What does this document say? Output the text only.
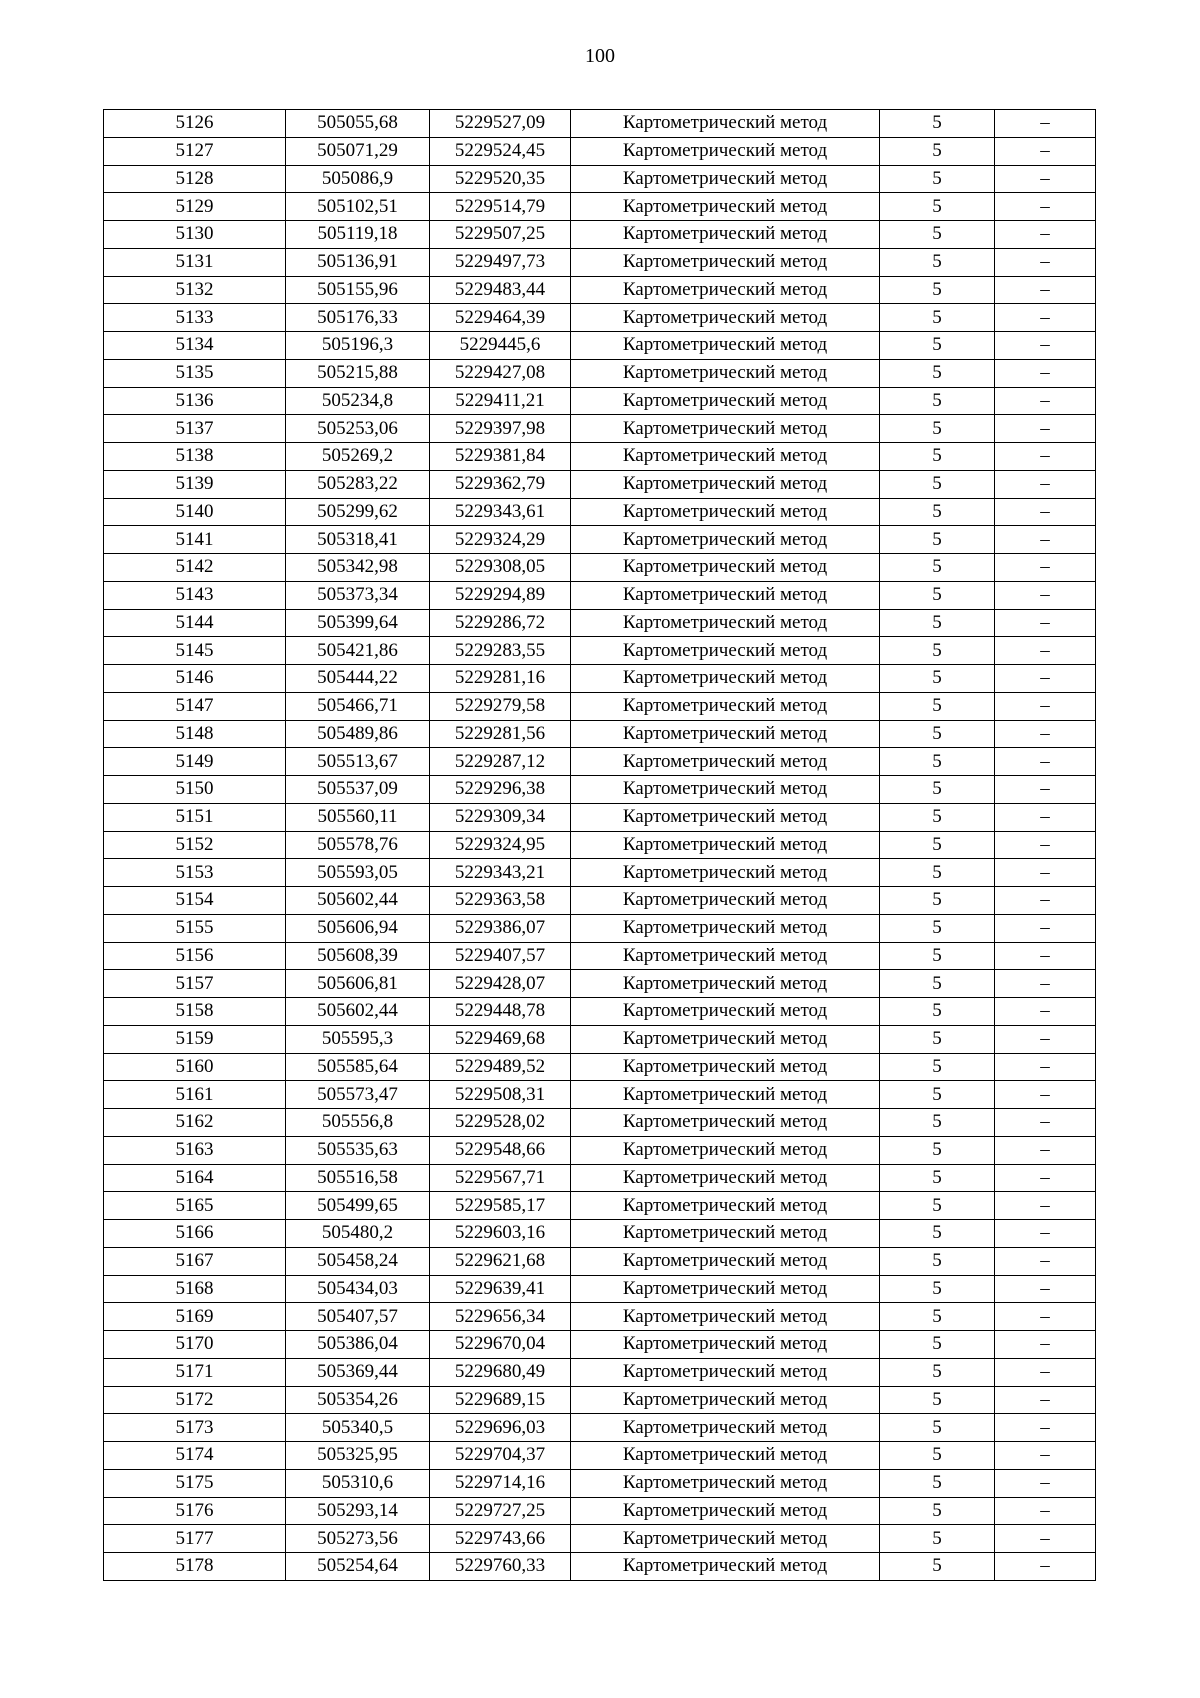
100
5126	505055,68	5229527,09	Картометрический метод	5	–
5127	505071,29	5229524,45	Картометрический метод	5	–
5128	505086,9	5229520,35	Картометрический метод	5	–
5129	505102,51	5229514,79	Картометрический метод	5	–
5130	505119,18	5229507,25	Картометрический метод	5	–
5131	505136,91	5229497,73	Картометрический метод	5	–
5132	505155,96	5229483,44	Картометрический метод	5	–
5133	505176,33	5229464,39	Картометрический метод	5	–
5134	505196,3	5229445,6	Картометрический метод	5	–
5135	505215,88	5229427,08	Картометрический метод	5	–
5136	505234,8	5229411,21	Картометрический метод	5	–
5137	505253,06	5229397,98	Картометрический метод	5	–
5138	505269,2	5229381,84	Картометрический метод	5	–
5139	505283,22	5229362,79	Картометрический метод	5	–
5140	505299,62	5229343,61	Картометрический метод	5	–
5141	505318,41	5229324,29	Картометрический метод	5	–
5142	505342,98	5229308,05	Картометрический метод	5	–
5143	505373,34	5229294,89	Картометрический метод	5	–
5144	505399,64	5229286,72	Картометрический метод	5	–
5145	505421,86	5229283,55	Картометрический метод	5	–
5146	505444,22	5229281,16	Картометрический метод	5	–
5147	505466,71	5229279,58	Картометрический метод	5	–
5148	505489,86	5229281,56	Картометрический метод	5	–
5149	505513,67	5229287,12	Картометрический метод	5	–
5150	505537,09	5229296,38	Картометрический метод	5	–
5151	505560,11	5229309,34	Картометрический метод	5	–
5152	505578,76	5229324,95	Картометрический метод	5	–
5153	505593,05	5229343,21	Картометрический метод	5	–
5154	505602,44	5229363,58	Картометрический метод	5	–
5155	505606,94	5229386,07	Картометрический метод	5	–
5156	505608,39	5229407,57	Картометрический метод	5	–
5157	505606,81	5229428,07	Картометрический метод	5	–
5158	505602,44	5229448,78	Картометрический метод	5	–
5159	505595,3	5229469,68	Картометрический метод	5	–
5160	505585,64	5229489,52	Картометрический метод	5	–
5161	505573,47	5229508,31	Картометрический метод	5	–
5162	505556,8	5229528,02	Картометрический метод	5	–
5163	505535,63	5229548,66	Картометрический метод	5	–
5164	505516,58	5229567,71	Картометрический метод	5	–
5165	505499,65	5229585,17	Картометрический метод	5	–
5166	505480,2	5229603,16	Картометрический метод	5	–
5167	505458,24	5229621,68	Картометрический метод	5	–
5168	505434,03	5229639,41	Картометрический метод	5	–
5169	505407,57	5229656,34	Картометрический метод	5	–
5170	505386,04	5229670,04	Картометрический метод	5	–
5171	505369,44	5229680,49	Картометрический метод	5	–
5172	505354,26	5229689,15	Картометрический метод	5	–
5173	505340,5	5229696,03	Картометрический метод	5	–
5174	505325,95	5229704,37	Картометрический метод	5	–
5175	505310,6	5229714,16	Картометрический метод	5	–
5176	505293,14	5229727,25	Картометрический метод	5	–
5177	505273,56	5229743,66	Картометрический метод	5	–
5178	505254,64	5229760,33	Картометрический метод	5	–
